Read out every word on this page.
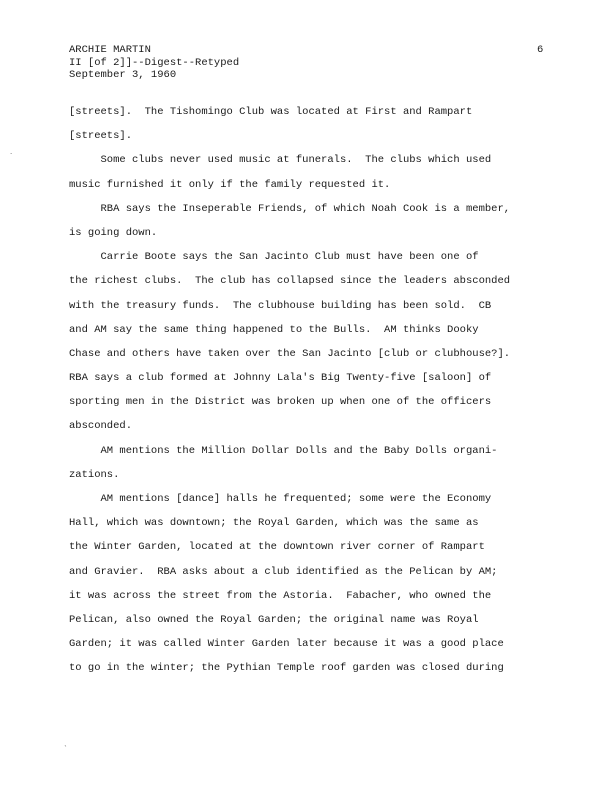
ARCHIE MARTIN
II [of 2]]--Digest--Retyped
September 3, 1960
6
[streets].  The Tishomingo Club was located at First and Rampart
[streets].
Some clubs never used music at funerals.  The clubs which used
music furnished it only if the family requested it.
RBA says the Inseperable Friends, of which Noah Cook is a member,
is going down.
Carrie Boote says the San Jacinto Club must have been one of
the richest clubs.  The club has collapsed since the leaders absconded
with the treasury funds.  The clubhouse building has been sold.  CB
and AM say the same thing happened to the Bulls.  AM thinks Dooky
Chase and others have taken over the San Jacinto [club or clubhouse?].
RBA says a club formed at Johnny Lala's Big Twenty-five [saloon] of
sporting men in the District was broken up when one of the officers
absconded.
AM mentions the Million Dollar Dolls and the Baby Dolls organi-
zations.
AM mentions [dance] halls he frequented; some were the Economy
Hall, which was downtown; the Royal Garden, which was the same as
the Winter Garden, located at the downtown river corner of Rampart
and Gravier.  RBA asks about a club identified as the Pelican by AM;
it was across the street from the Astoria.  Fabacher, who owned the
Pelican, also owned the Royal Garden; the original name was Royal
Garden; it was called Winter Garden later because it was a good place
to go in the winter; the Pythian Temple roof garden was closed during
·
`
